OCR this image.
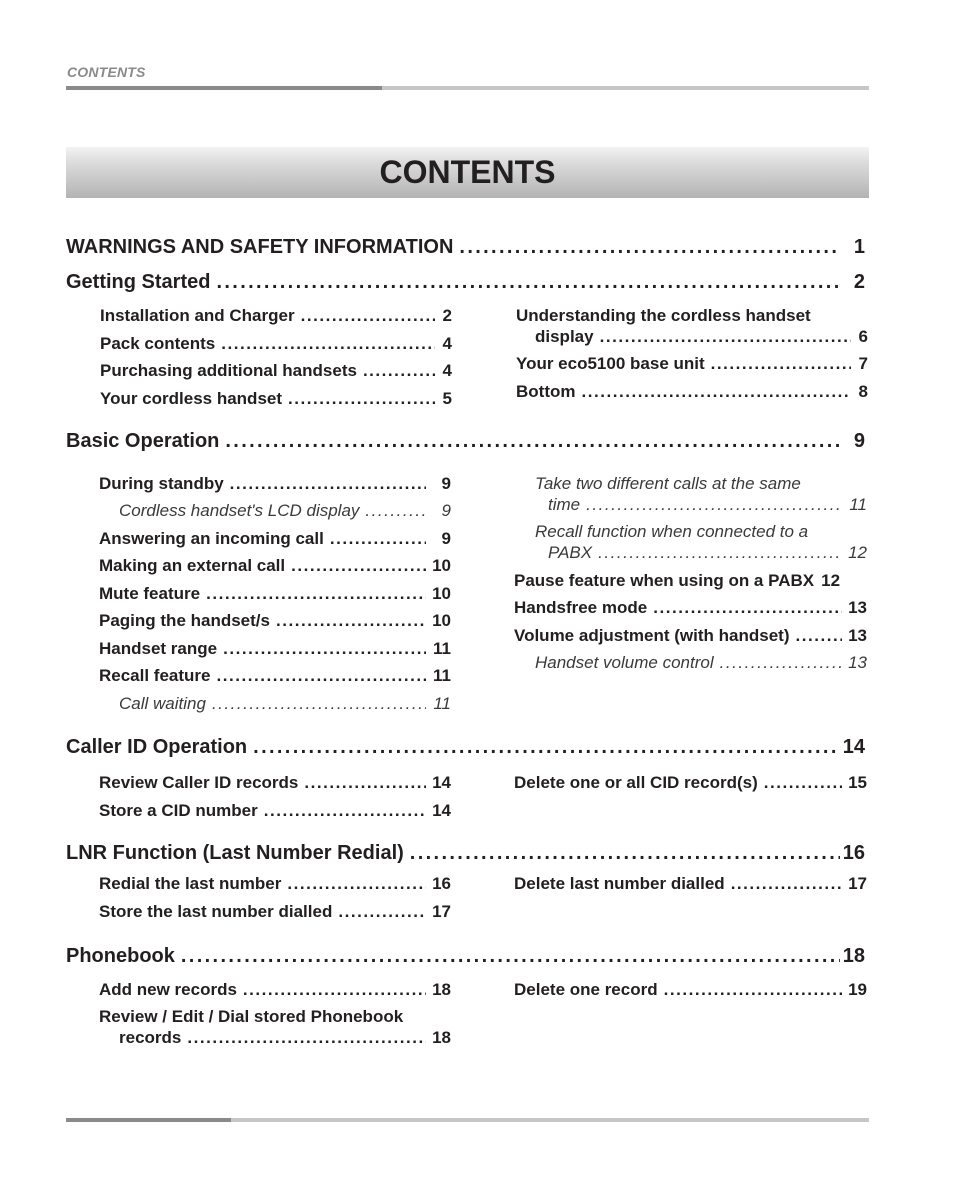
CONTENTS
CONTENTS
WARNINGS AND SAFETY INFORMATION . . .	1
Getting Started . . .	2
Installation and Charger . . .	2
Pack contents . . .	4
Purchasing additional handsets . . .	4
Your cordless handset . . .	5
Understanding the cordless handset
display . . .	6
Your eco5100 base unit . . .	7
Bottom . . .	8
Basic Operation . . .	9
During standby . . .	9
Cordless handset's LCD display . . .	9
Answering an incoming call . . .	9
Making an external call . . .	10
Mute feature . . .	10
Paging the handset/s . . .	10
Handset range . . .	11
Recall feature . . .	11
Call waiting . . .	11
Take two different calls at the same
time . . .	11
Recall function when connected to a
PABX . . .	12
Pause feature when using on a PABX 12
Handsfree mode . . .	13
Volume adjustment (with handset) . . .	13
Handset volume control . . .	13
Caller ID Operation . . .	14
Review Caller ID records . . .	14
Store a CID number . . .	14
Delete one or all CID record(s) . . .	15
LNR Function (Last Number Redial) . . .	16
Redial the last number . . .	16
Store the last number dialled . . .	17
Delete last number dialled . . .	17
Phonebook . . .	18
Add new records . . .	18
Review / Edit / Dial stored Phonebook
records . . .	18
Delete one record . . .	19
